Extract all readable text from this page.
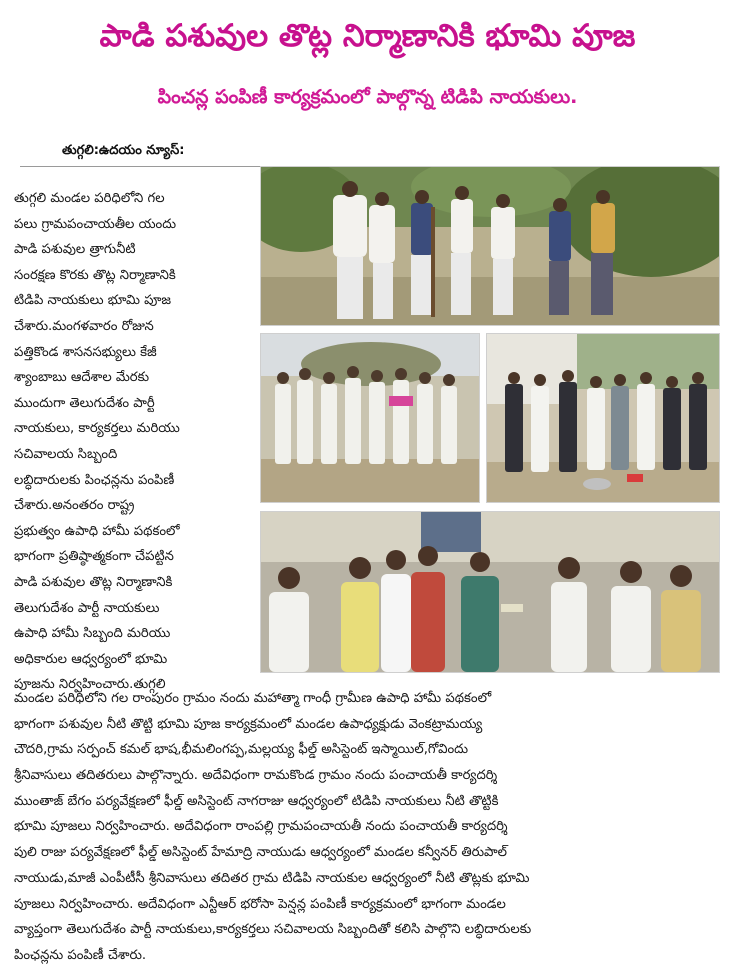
పాడి పశువుల తొట్ల నిర్మాణానికి భూమి పూజ
పించన్ల పంపిణీ కార్యక్రమంలో పాల్గొన్న టిడిపి నాయకులు.
తుగ్గలి:ఉదయం న్యూస్:
తుగ్గలి మండల పరిధిలోని గల
పలు గ్రామపంచాయతీల యందు
పాడి పశువుల త్రాగునీటి
సంరక్షణ కొరకు తొట్ల నిర్మాణానికి
టిడిపి నాయకులు భూమి పూజ
చేశారు.మంగళవారం రోజున
పత్తికొండ శాసనసభ్యులు కేజీ
శ్యాంబాబు ఆదేశాల మేరకు
ముందుగా తెలుగుదేశం పార్టీ
నాయకులు, కార్యకర్తలు మరియు
సచివాలయ సిబ్బంది
లబ్ధిదారులకు పింఛన్లను పంపిణీ
చేశారు.అనంతరం రాష్ట్ర
ప్రభుత్వం ఉపాధి హామీ పథకంలో
భాగంగా ప్రతిష్ఠాత్మకంగా చేపట్టిన
పాడి పశువుల తొట్ల నిర్మాణానికి
తెలుగుదేశం పార్టీ నాయకులు
ఉపాధి హామీ సిబ్బంది మరియు
అధికారుల ఆధ్వర్యంలో భూమి
పూజను నిర్వహించారు.తుగ్గలి
మండల పరిధిలోని గల రాంపురం గ్రామం నందు మహాత్మా గాంధీ గ్రామీణ ఉపాధి హామీ పథకంలో
భాగంగా పశువుల నీటి తొట్టి భూమి పూజ కార్యక్రమంలో మండల ఉపాధ్యక్షుడు వెంకట్రామయ్య
చౌదరి,గ్రామ సర్పంచ్ కమల్ భాష,భీమలింగప్ప,మల్లయ్య ఫీల్డ్ అసిస్టెంట్ ఇస్మాయిల్,గోవిందు
శ్రీనివాసులు తదితరులు పాల్గొన్నారు. అదేవిధంగా రామకొండ గ్రామం నందు పంచాయతీ కార్యదర్శి
ముంతాజ్ బేగం పర్యవేక్షణలో ఫీల్డ్ అసిస్టెంట్ నాగరాజు ఆధ్వర్యంలో టిడిపి నాయకులు నీటి తొట్టికి
భూమి పూజలు నిర్వహించారు. అదేవిధంగా రాంపల్లి గ్రామపంచాయతీ నందు పంచాయతీ కార్యదర్శి
పులి రాజు పర్యవేక్షణలో ఫీల్డ్ అసిస్టెంట్ హేమాద్రి నాయుడు ఆధ్వర్యంలో మండల కన్వీనర్ తిరుపాల్
నాయుడు,మాజీ ఎంపీటీసీ శ్రీనివాసులు తదితర గ్రామ టిడిపి నాయకుల ఆధ్వర్యంలో నీటి తొట్లకు భూమి
పూజలు నిర్వహించారు. అదేవిధంగా ఎన్టీఆర్ భరోసా పెన్షన్ల పంపిణీ కార్యక్రమంలో భాగంగా మండల
వ్యాప్తంగా తెలుగుదేశం పార్టీ నాయకులు,కార్యకర్తలు సచివాలయ సిబ్బందితో కలిసి పాల్గొని లబ్ధిదారులకు
పింఛన్లను పంపిణీ చేశారు.
